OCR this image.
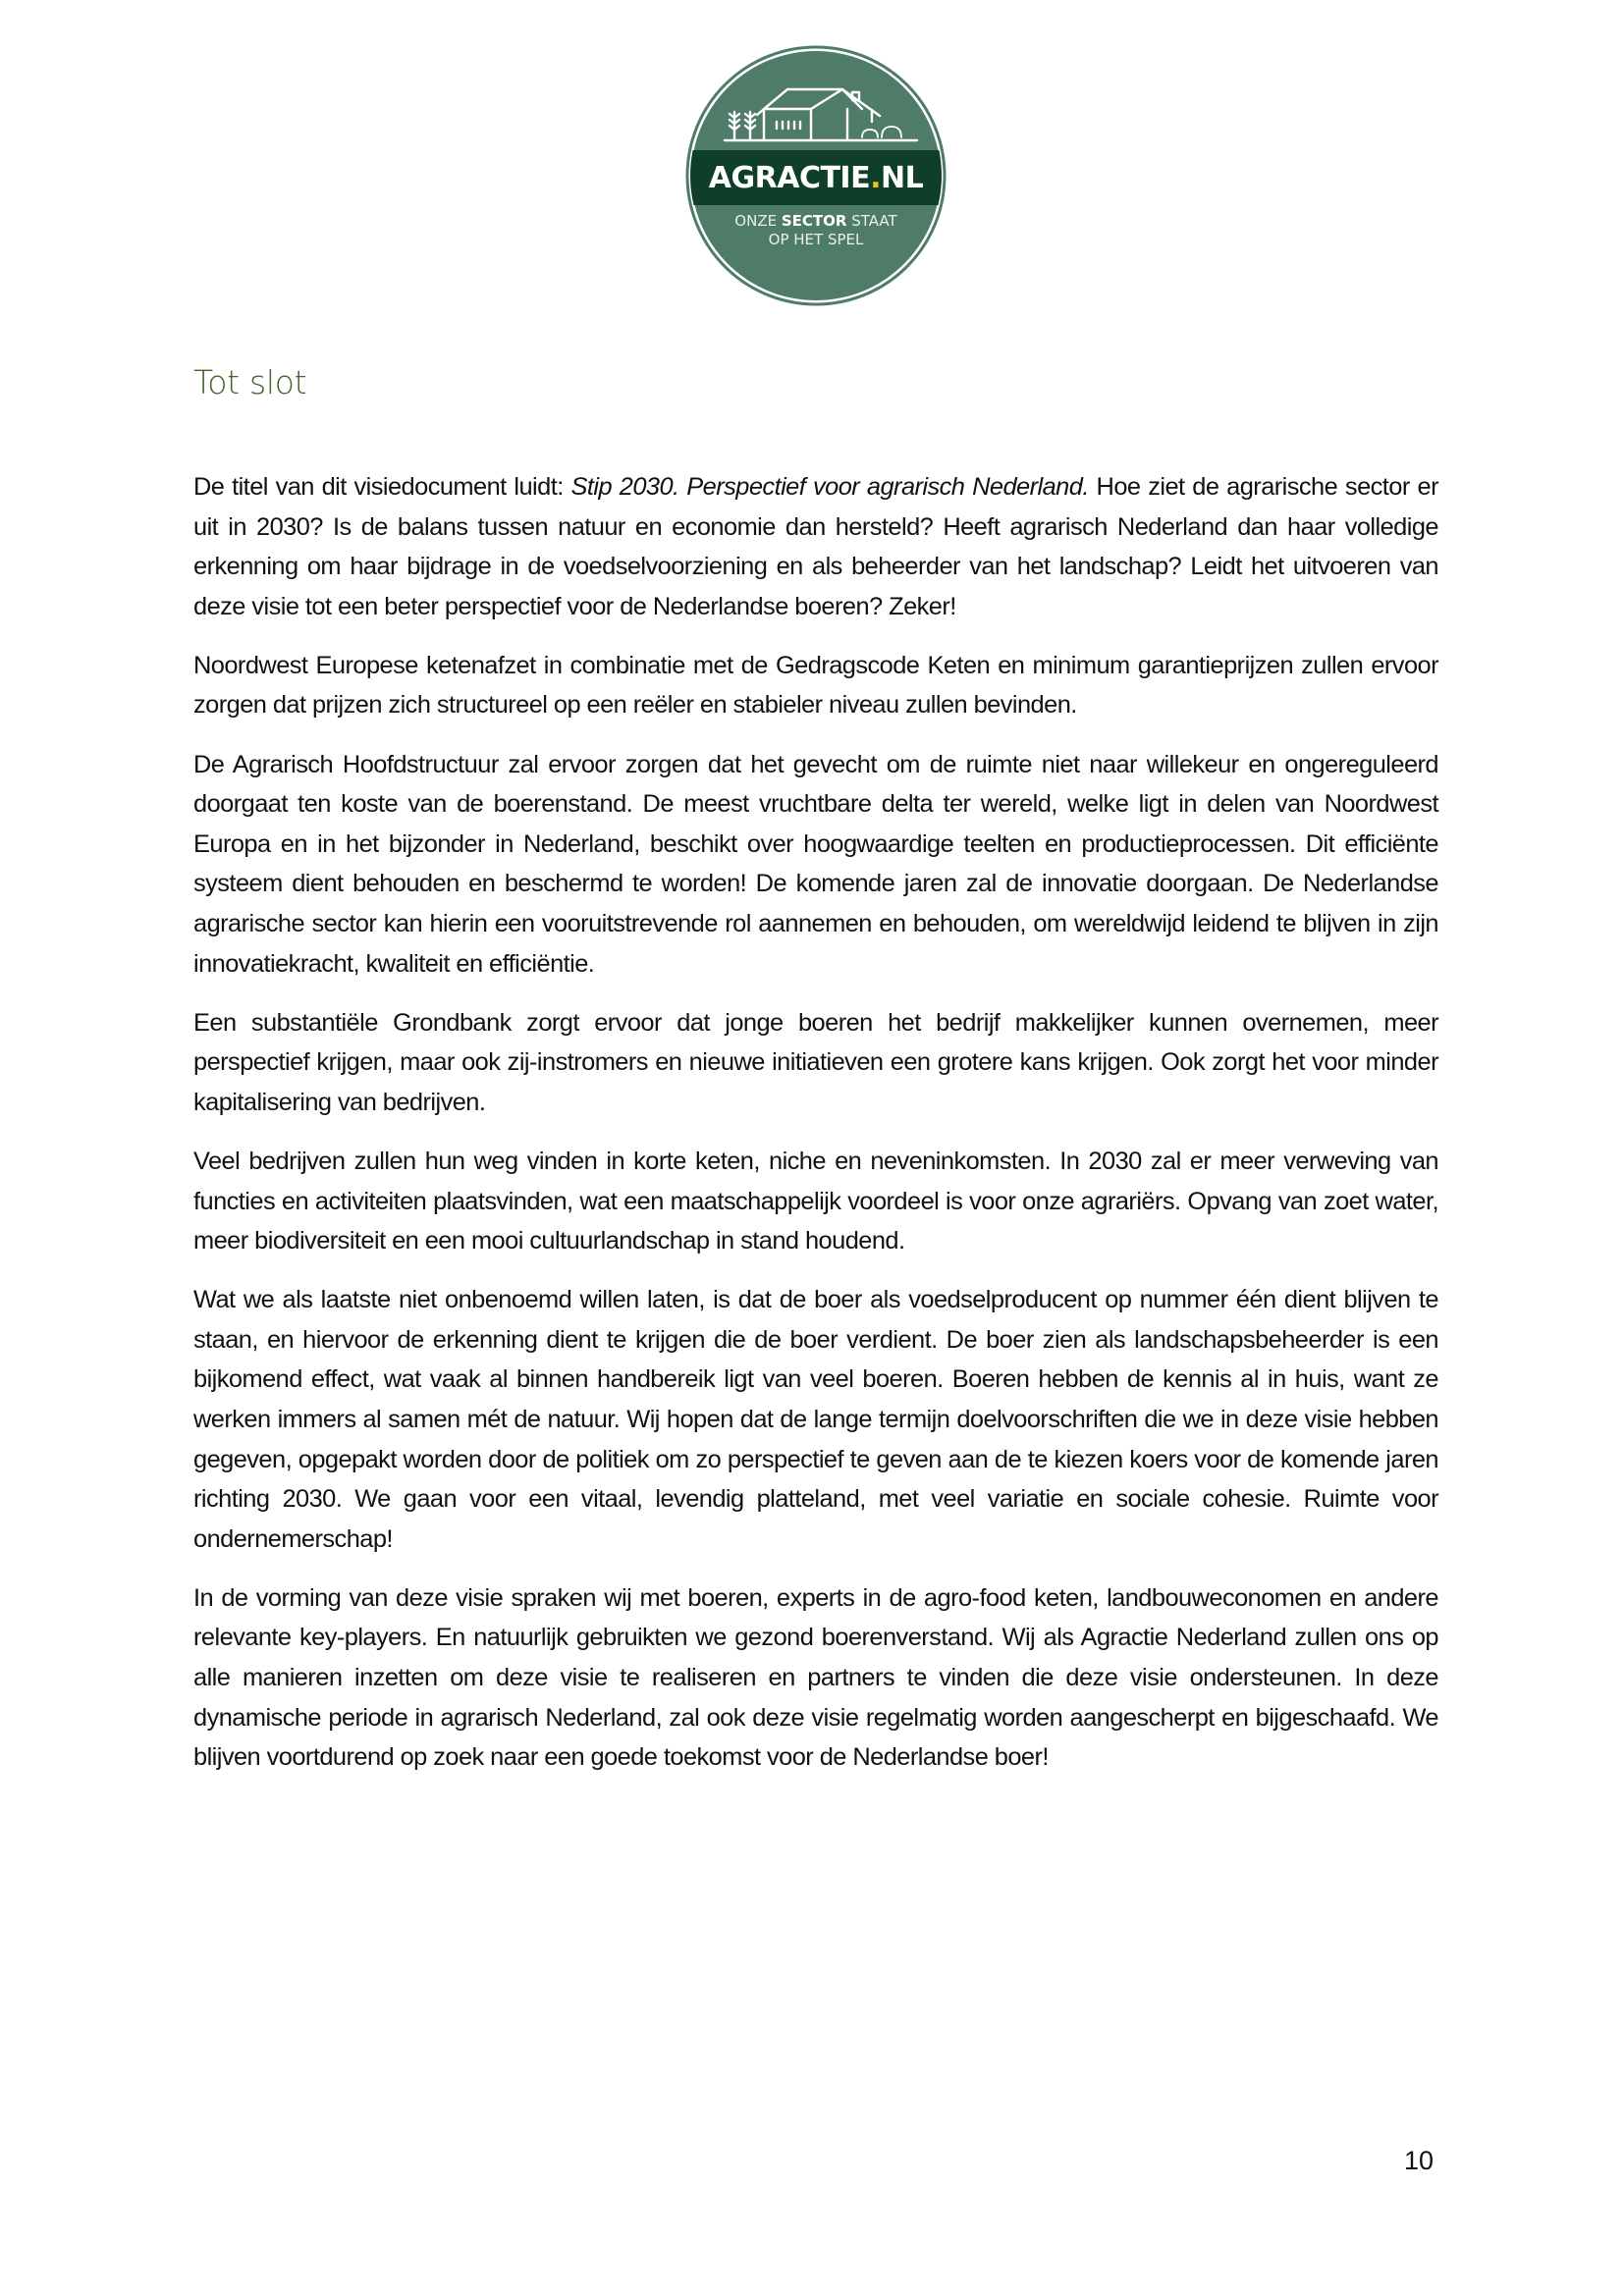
AGRACTIE.NL
ONZE SECTOR STAAT
OP HET SPEL
Tot slot

De titel van dit visiedocument luidt: Stip 2030. Perspectief voor agrarisch Nederland. Hoe ziet de agrarische sector er uit in 2030? Is de balans tussen natuur en economie dan hersteld? Heeft agrarisch Nederland dan haar volledige erkenning om haar bijdrage in de voedselvoorziening en als beheerder van het landschap? Leidt het uitvoeren van deze visie tot een beter perspectief voor de Nederlandse boeren? Zeker!

Noordwest Europese ketenafzet in combinatie met de Gedragscode Keten en minimum garantieprijzen zullen ervoor zorgen dat prijzen zich structureel op een reëler en stabieler niveau zullen bevinden.

De Agrarisch Hoofdstructuur zal ervoor zorgen dat het gevecht om de ruimte niet naar willekeur en ongereguleerd doorgaat ten koste van de boerenstand. De meest vruchtbare delta ter wereld, welke ligt in delen van Noordwest Europa en in het bijzonder in Nederland, beschikt over hoogwaardige teelten en productieprocessen. Dit efficiënte systeem dient behouden en beschermd te worden! De komende jaren zal de innovatie doorgaan. De Nederlandse agrarische sector kan hierin een vooruitstrevende rol aannemen en behouden, om wereldwijd leidend te blijven in zijn innovatiekracht, kwaliteit en efficiëntie.

Een substantiële Grondbank zorgt ervoor dat jonge boeren het bedrijf makkelijker kunnen overnemen, meer perspectief krijgen, maar ook zij-instromers en nieuwe initiatieven een grotere kans krijgen. Ook zorgt het voor minder kapitalisering van bedrijven.

Veel bedrijven zullen hun weg vinden in korte keten, niche en neveninkomsten. In 2030 zal er meer verweving van functies en activiteiten plaatsvinden, wat een maatschappelijk voordeel is voor onze agrariërs. Opvang van zoet water, meer biodiversiteit en een mooi cultuurlandschap in stand houdend.

Wat we als laatste niet onbenoemd willen laten, is dat de boer als voedselproducent op nummer één dient blijven te staan, en hiervoor de erkenning dient te krijgen die de boer verdient. De boer zien als landschapsbeheerder is een bijkomend effect, wat vaak al binnen handbereik ligt van veel boeren. Boeren hebben de kennis al in huis, want ze werken immers al samen mét de natuur. Wij hopen dat de lange termijn doelvoorschriften die we in deze visie hebben gegeven, opgepakt worden door de politiek om zo perspectief te geven aan de te kiezen koers voor de komende jaren richting 2030. We gaan voor een vitaal, levendig platteland, met veel variatie en sociale cohesie. Ruimte voor ondernemerschap!

In de vorming van deze visie spraken wij met boeren, experts in de agro-food keten, landbouweconomen en andere relevante key-players. En natuurlijk gebruikten we gezond boerenverstand. Wij als Agractie Nederland zullen ons op alle manieren inzetten om deze visie te realiseren en partners te vinden die deze visie ondersteunen. In deze dynamische periode in agrarisch Nederland, zal ook deze visie regelmatig worden aangescherpt en bijgeschaafd. We blijven voortdurend op zoek naar een goede toekomst voor de Nederlandse boer!

10
